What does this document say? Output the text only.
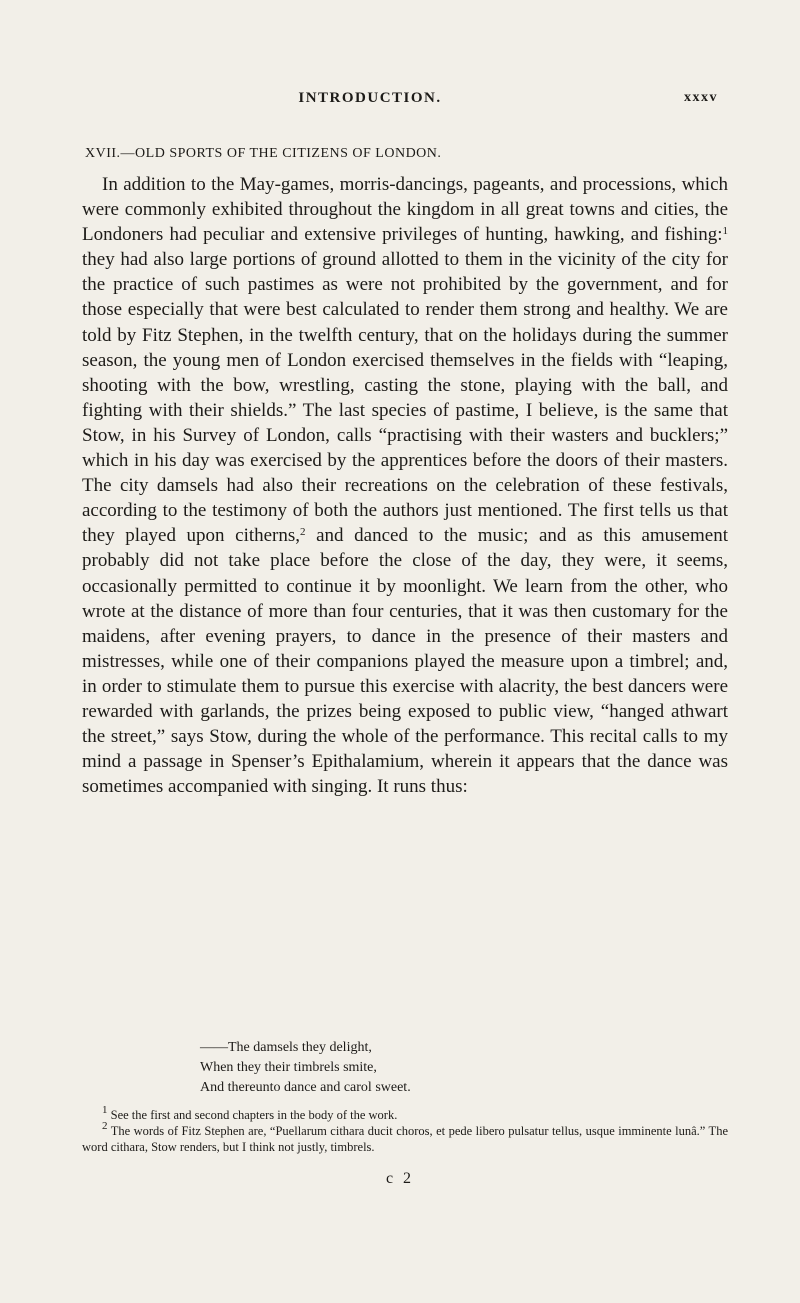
INTRODUCTION.	xxxv
XVII.—OLD SPORTS OF THE CITIZENS OF LONDON.

In addition to the May-games, morris-dancings, pageants, and processions, which were commonly exhibited throughout the kingdom in all great towns and cities, the Londoners had peculiar and extensive privileges of hunting, hawking, and fishing:$^1$ they had also large portions of ground allotted to them in the vicinity of the city for the practice of such pastimes as were not prohibited by the government, and for those especially that were best calculated to render them strong and healthy. We are told by Fitz Stephen, in the twelfth century, that on the holidays during the summer season, the young men of London exercised themselves in the fields with “leaping, shooting with the bow, wrestling, casting the stone, playing with the ball, and fighting with their shields.” The last species of pastime, I believe, is the same that Stow, in his Survey of London, calls “practising with their wasters and bucklers;” which in his day was exercised by the apprentices before the doors of their masters. The city damsels had also their recreations on the celebration of these festivals, according to the testimony of both the authors just mentioned. The first tells us that they played upon citherns,$^2$ and danced to the music; and as this amusement probably did not take place before the close of the day, they were, it seems, occasionally permitted to continue it by moonlight. We learn from the other, who wrote at the distance of more than four centuries, that it was then customary for the maidens, after evening prayers, to dance in the presence of their masters and mistresses, while one of their companions played the measure upon a timbrel; and, in order to stimulate them to pursue this exercise with alacrity, the best dancers were rewarded with garlands, the prizes being exposed to public view, “hanged athwart the street,” says Stow, during the whole of the performance. This recital calls to my mind a passage in Spenser’s Epithalamium, wherein it appears that the dance was sometimes accompanied with singing. It runs thus:

——The damsels they delight,
When they their timbrels smite,
And thereunto dance and carol sweet.

$^1$ See the first and second chapters in the body of the work.

$^2$ The words of Fitz Stephen are, “Puellarum cithara ducit choros, et pede libero pulsatur tellus, usque imminente lunâ.” The word cithara, Stow renders, but I think not justly, timbrels.

c 2
